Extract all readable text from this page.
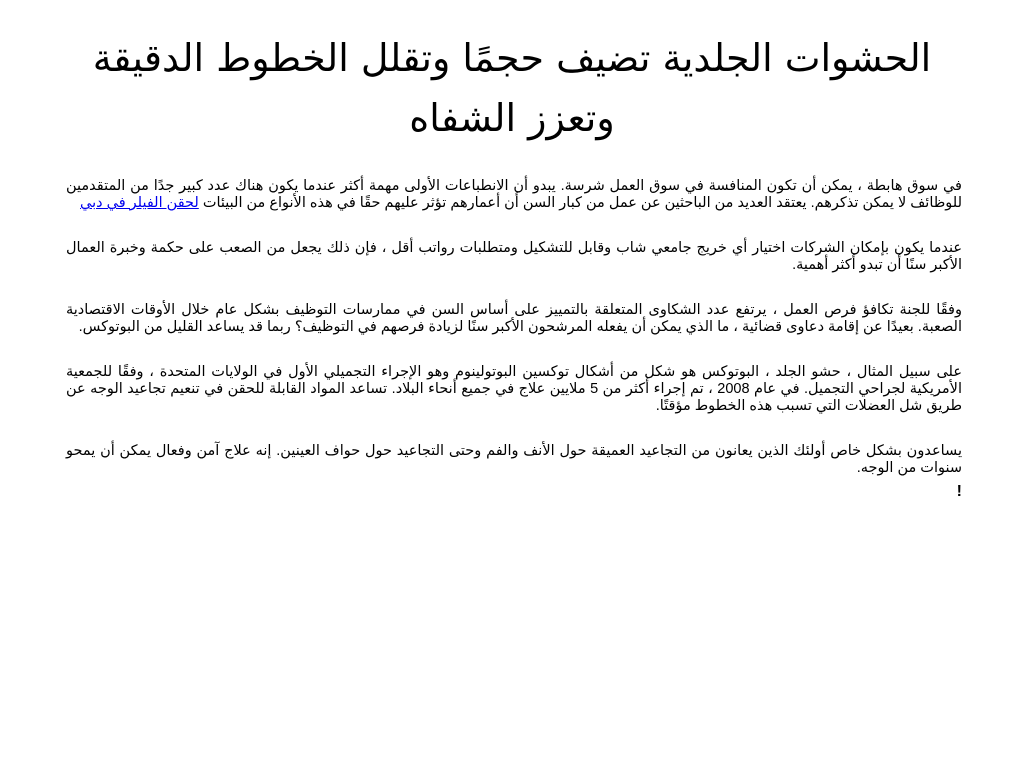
الحشوات الجلدية تضيف حجمًا وتقلل الخطوط الدقيقة وتعزز الشفاه

في سوق هابطة ، يمكن أن تكون المنافسة في سوق العمل شرسة. يبدو أن الانطباعات الأولى مهمة أكثر عندما يكون هناك عدد كبير جدًا من المتقدمين للوظائف لا يمكن تذكرهم. يعتقد العديد من الباحثين عن عمل من كبار السن أن أعمارهم تؤثر عليهم حقًا في هذه الأنواع من البيئات لحقن الفيلر في دبي

عندما يكون بإمكان الشركات اختيار أي خريج جامعي شاب وقابل للتشكيل ومتطلبات رواتب أقل ، فإن ذلك يجعل من الصعب على حكمة وخبرة العمال الأكبر سنًا أن تبدو أكثر أهمية.

وفقًا للجنة تكافؤ فرص العمل ، يرتفع عدد الشكاوى المتعلقة بالتمييز على أساس السن في ممارسات التوظيف بشكل عام خلال الأوقات الاقتصادية الصعبة. بعيدًا عن إقامة دعاوى قضائية ، ما الذي يمكن أن يفعله المرشحون الأكبر سنًا لزيادة فرصهم في التوظيف؟ ربما قد يساعد القليل من البوتوكس.

على سبيل المثال ، حشو الجلد ، البوتوكس هو شكل من أشكال توكسين البوتولينوم وهو الإجراء التجميلي الأول في الولايات المتحدة ، وفقًا للجمعية الأمريكية لجراحي التجميل. في عام 2008 ، تم إجراء أكثر من 5 ملايين علاج في جميع أنحاء البلاد. تساعد المواد القابلة للحقن في تنعيم تجاعيد الوجه عن طريق شل العضلات التي تسبب هذه الخطوط مؤقتًا.

يساعدون بشكل خاص أولئك الذين يعانون من التجاعيد العميقة حول الأنف والفم وحتى التجاعيد حول حواف العينين. إنه علاج آمن وفعال يمكن أن يمحو سنوات من الوجه.

!
